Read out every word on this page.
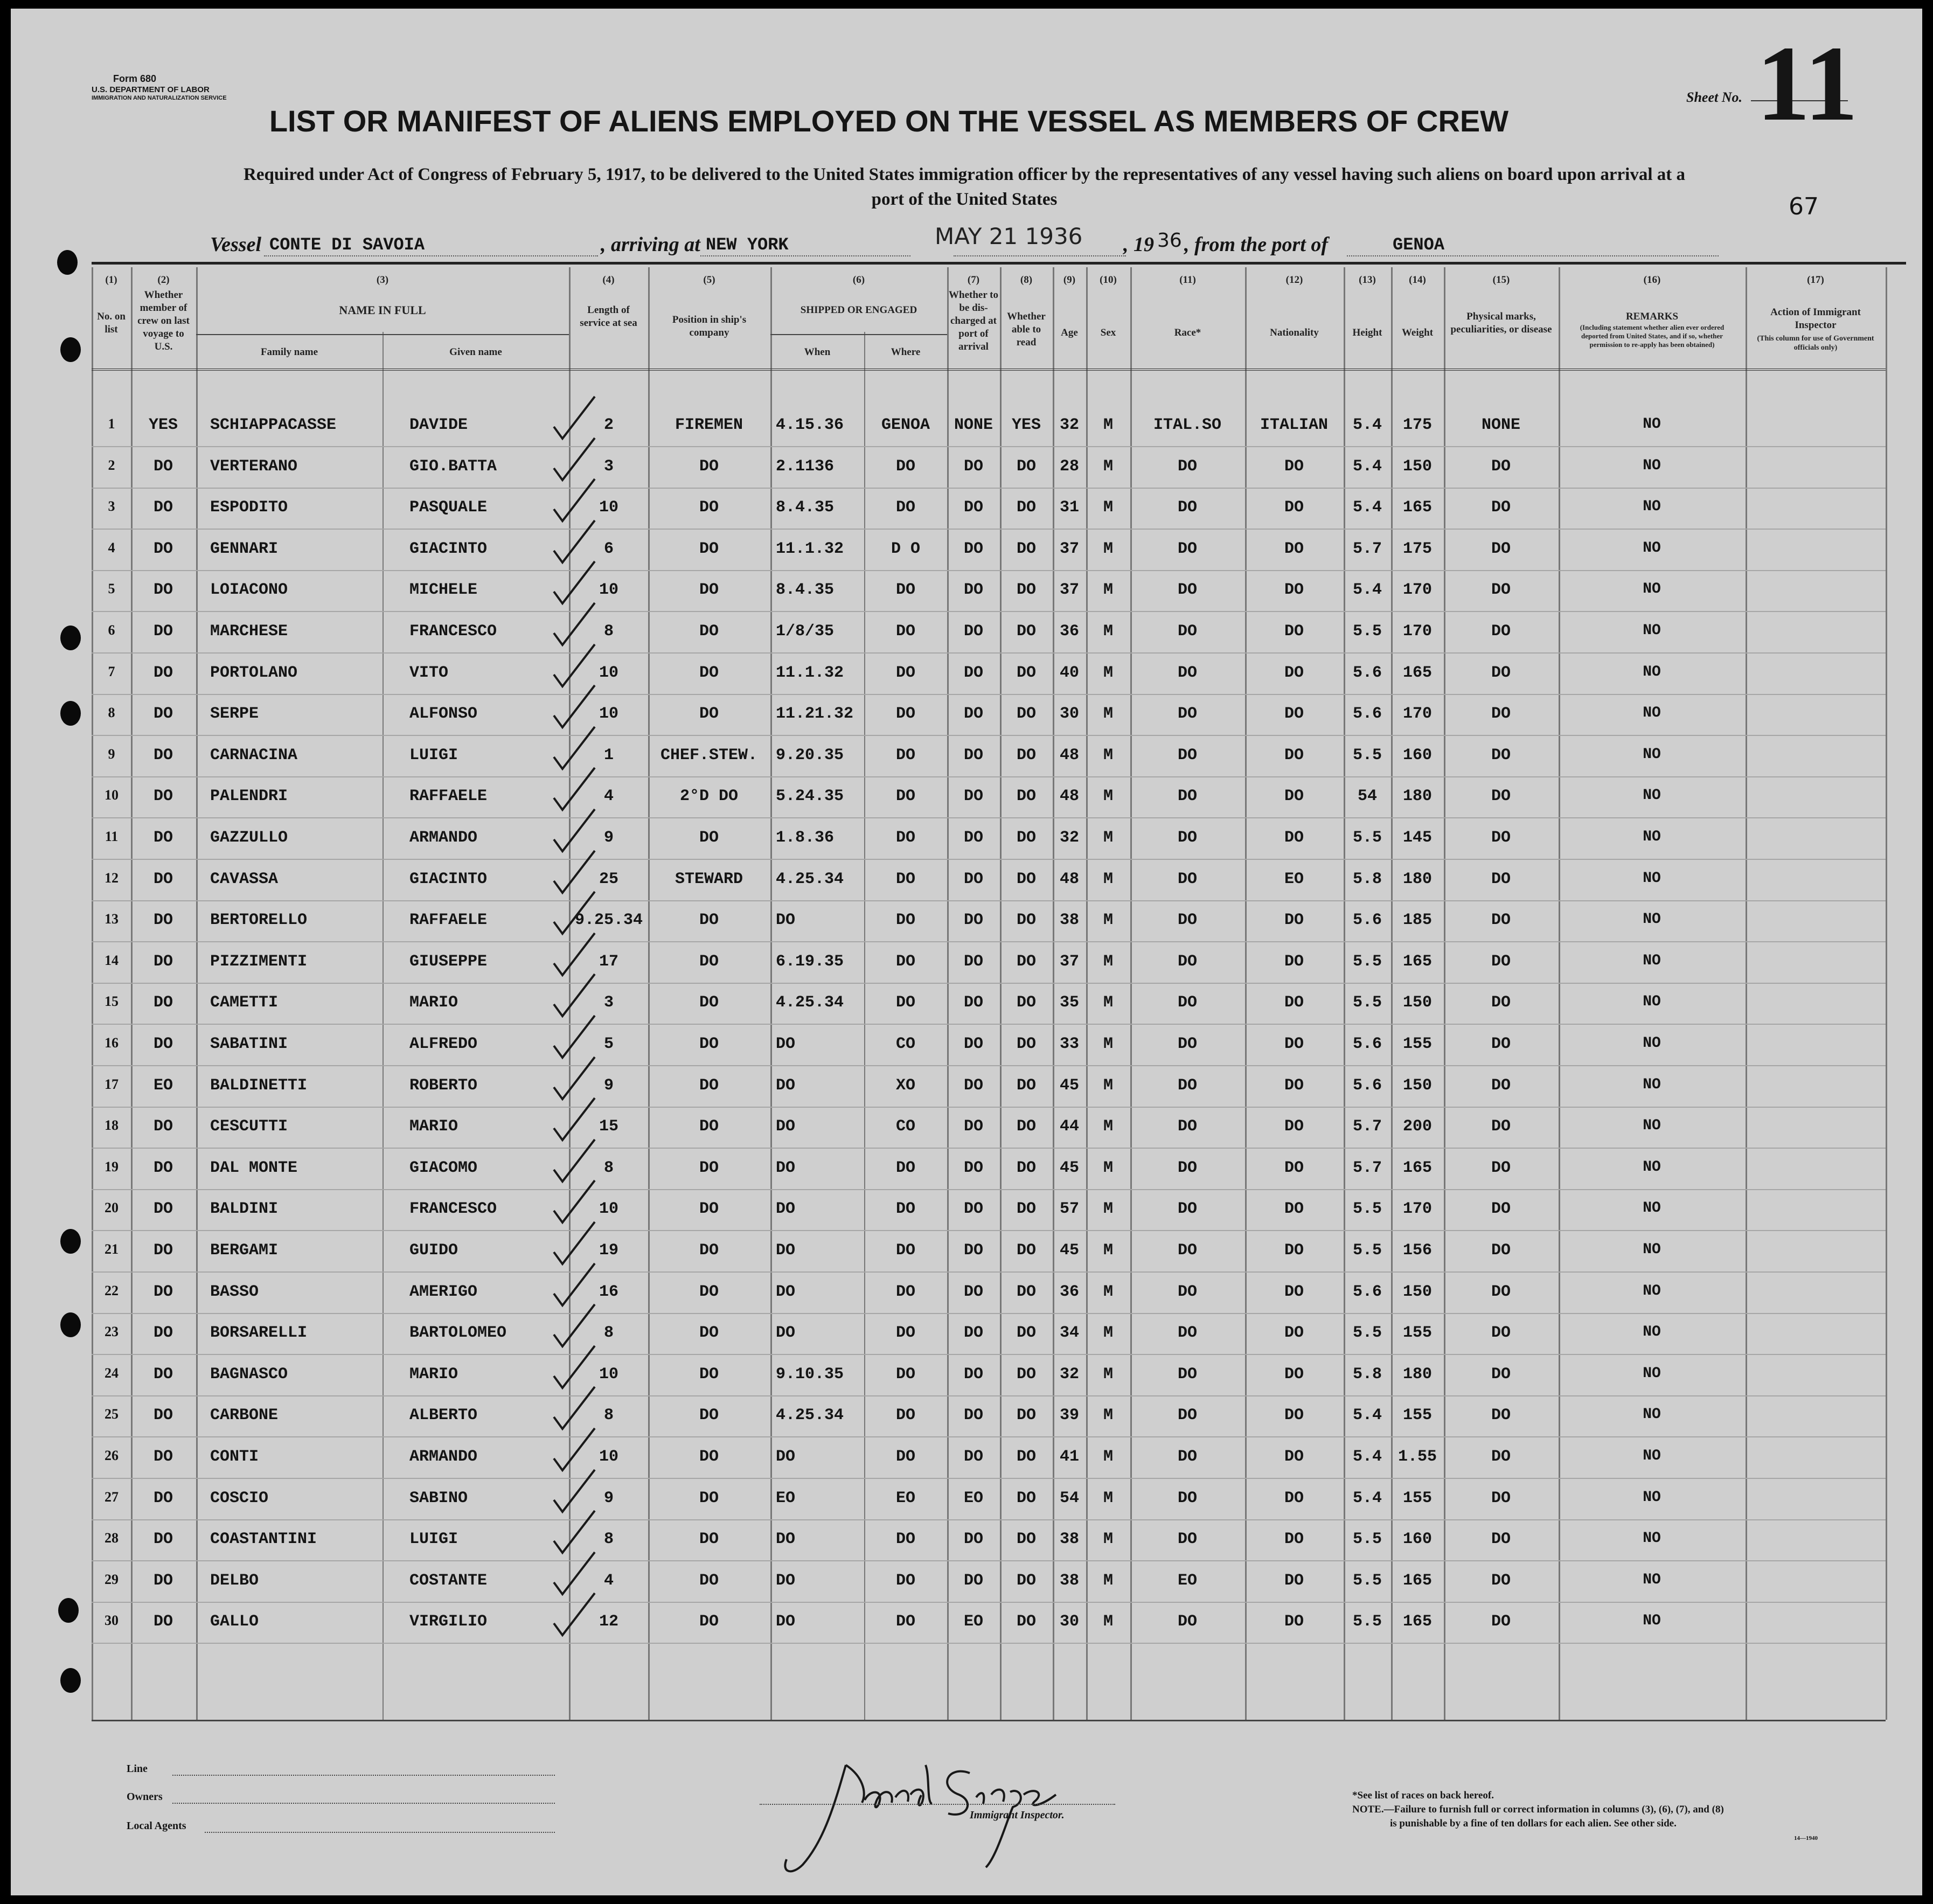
Form 680
U.S. DEPARTMENT OF LABOR
IMMIGRATION AND NATURALIZATION SERVICE	Sheet No. 11
LIST OR MANIFEST OF ALIENS EMPLOYED ON THE VESSEL AS MEMBERS OF CREW
Required under Act of Congress of February 5, 1917, to be delivered to the United States immigration officer by the representatives of any vessel having such aliens on board upon arrival at a
port of the United States	67
Vessel CONTE DI SAVOIA	, arriving at NEW YORK	MAY 21 1936 , 19 36 , from the port of	GENOA
(1)
No. on list
(2)
Whether member of crew on last voyage to U.S.
(3)
NAME IN FULL
Family name	Given name
(4)
Length of service at sea
(5)
Position in ship's company
(6)
SHIPPED OR ENGAGED
When	Where
(7)
Whether to be dis-charged at port of arrival
(8)
Whether able to read
(9)
Age
(10)
Sex
(11)
Race*
(12)
Nationality
(13)
Height
(14)
Weight
(15)
Physical marks, peculiarities, or disease
(16)
REMARKS
(Including statement whether alien ever ordered deported from United States, and if so, whether permission to re-apply has been obtained)
(17)
Action of Immigrant Inspector
(This column for use of Government officials only)
1	YES	SCHIAPPACASSE	DAVIDE	2	FIREMEN	4.15.36	GENOA	NONE	YES	32	M	ITAL.SO	ITALIAN	5.4	175	NONE	NO
2	DO	VERTERANO	GIO.BATTA	3	DO	2.1136	DO	DO	DO	28	M	DO	DO	5.4	150	DO	NO
3	DO	ESPODITO	PASQUALE	10	DO	8.4.35	DO	DO	DO	31	M	DO	DO	5.4	165	DO	NO
4	DO	GENNARI	GIACINTO	6	DO	11.1.32	D O	DO	DO	37	M	DO	DO	5.7	175	DO	NO
5	DO	LOIACONO	MICHELE	10	DO	8.4.35	DO	DO	DO	37	M	DO	DO	5.4	170	DO	NO
6	DO	MARCHESE	FRANCESCO	8	DO	1/8/35	DO	DO	DO	36	M	DO	DO	5.5	170	DO	NO
7	DO	PORTOLANO	VITO	10	DO	11.1.32	DO	DO	DO	40	M	DO	DO	5.6	165	DO	NO
8	DO	SERPE	ALFONSO	10	DO	11.21.32	DO	DO	DO	30	M	DO	DO	5.6	170	DO	NO
9	DO	CARNACINA	LUIGI	1	CHEF.STEW.	9.20.35	DO	DO	DO	48	M	DO	DO	5.5	160	DO	NO
10	DO	PALENDRI	RAFFAELE	4	2°D DO	5.24.35	DO	DO	DO	48	M	DO	DO	54	180	DO	NO
11	DO	GAZZULLO	ARMANDO	9	DO	1.8.36	DO	DO	DO	32	M	DO	DO	5.5	145	DO	NO
12	DO	CAVASSA	GIACINTO	25	STEWARD	4.25.34	DO	DO	DO	48	M	DO	EO	5.8	180	DO	NO
13	DO	BERTORELLO	RAFFAELE	9.25.34	DO	DO	DO	DO	DO	38	M	DO	DO	5.6	185	DO	NO
14	DO	PIZZIMENTI	GIUSEPPE	17	DO	6.19.35	DO	DO	DO	37	M	DO	DO	5.5	165	DO	NO
15	DO	CAMETTI	MARIO	3	DO	4.25.34	DO	DO	DO	35	M	DO	DO	5.5	150	DO	NO
16	DO	SABATINI	ALFREDO	5	DO	DO	CO	DO	DO	33	M	DO	DO	5.6	155	DO	NO
17	EO	BALDINETTI	ROBERTO	9	DO	DO	XO	DO	DO	45	M	DO	DO	5.6	150	DO	NO
18	DO	CESCUTTI	MARIO	15	DO	DO	CO	DO	DO	44	M	DO	DO	5.7	200	DO	NO
19	DO	DAL MONTE	GIACOMO	8	DO	DO	DO	DO	DO	45	M	DO	DO	5.7	165	DO	NO
20	DO	BALDINI	FRANCESCO	10	DO	DO	DO	DO	DO	57	M	DO	DO	5.5	170	DO	NO
21	DO	BERGAMI	GUIDO	19	DO	DO	DO	DO	DO	45	M	DO	DO	5.5	156	DO	NO
22	DO	BASSO	AMERIGO	16	DO	DO	DO	DO	DO	36	M	DO	DO	5.6	150	DO	NO
23	DO	BORSARELLI	BARTOLOMEO	8	DO	DO	DO	DO	DO	34	M	DO	DO	5.5	155	DO	NO
24	DO	BAGNASCO	MARIO	10	DO	9.10.35	DO	DO	DO	32	M	DO	DO	5.8	180	DO	NO
25	DO	CARBONE	ALBERTO	8	DO	4.25.34	DO	DO	DO	39	M	DO	DO	5.4	155	DO	NO
26	DO	CONTI	ARMANDO	10	DO	DO	DO	DO	DO	41	M	DO	DO	5.4 1.55	DO	NO
27	DO	COSCIO	SABINO	9	DO	EO	EO	EO	DO	54	M	DO	DO	5.4	155	DO	NO
28	DO	COASTANTINI	LUIGI	8	DO	DO	DO	DO	DO	38	M	DO	DO	5.5	160	DO	NO
29	DO	DELBO	COSTANTE	4	DO	DO	DO	DO	DO	38	M	EO	DO	5.5	165	DO	NO
30	DO	GALLO	VIRGILIO	12	DO	DO	DO	EO	DO	30	M	DO	DO	5.5	165	DO	NO
Line
Owners
Local Agents
Immigrant Inspector.
*See list of races on back hereof.
NOTE.—Failure to furnish full or correct information in columns (3), (6), (7), and (8)
is punishable by a fine of ten dollars for each alien. See other side.
14—1940
